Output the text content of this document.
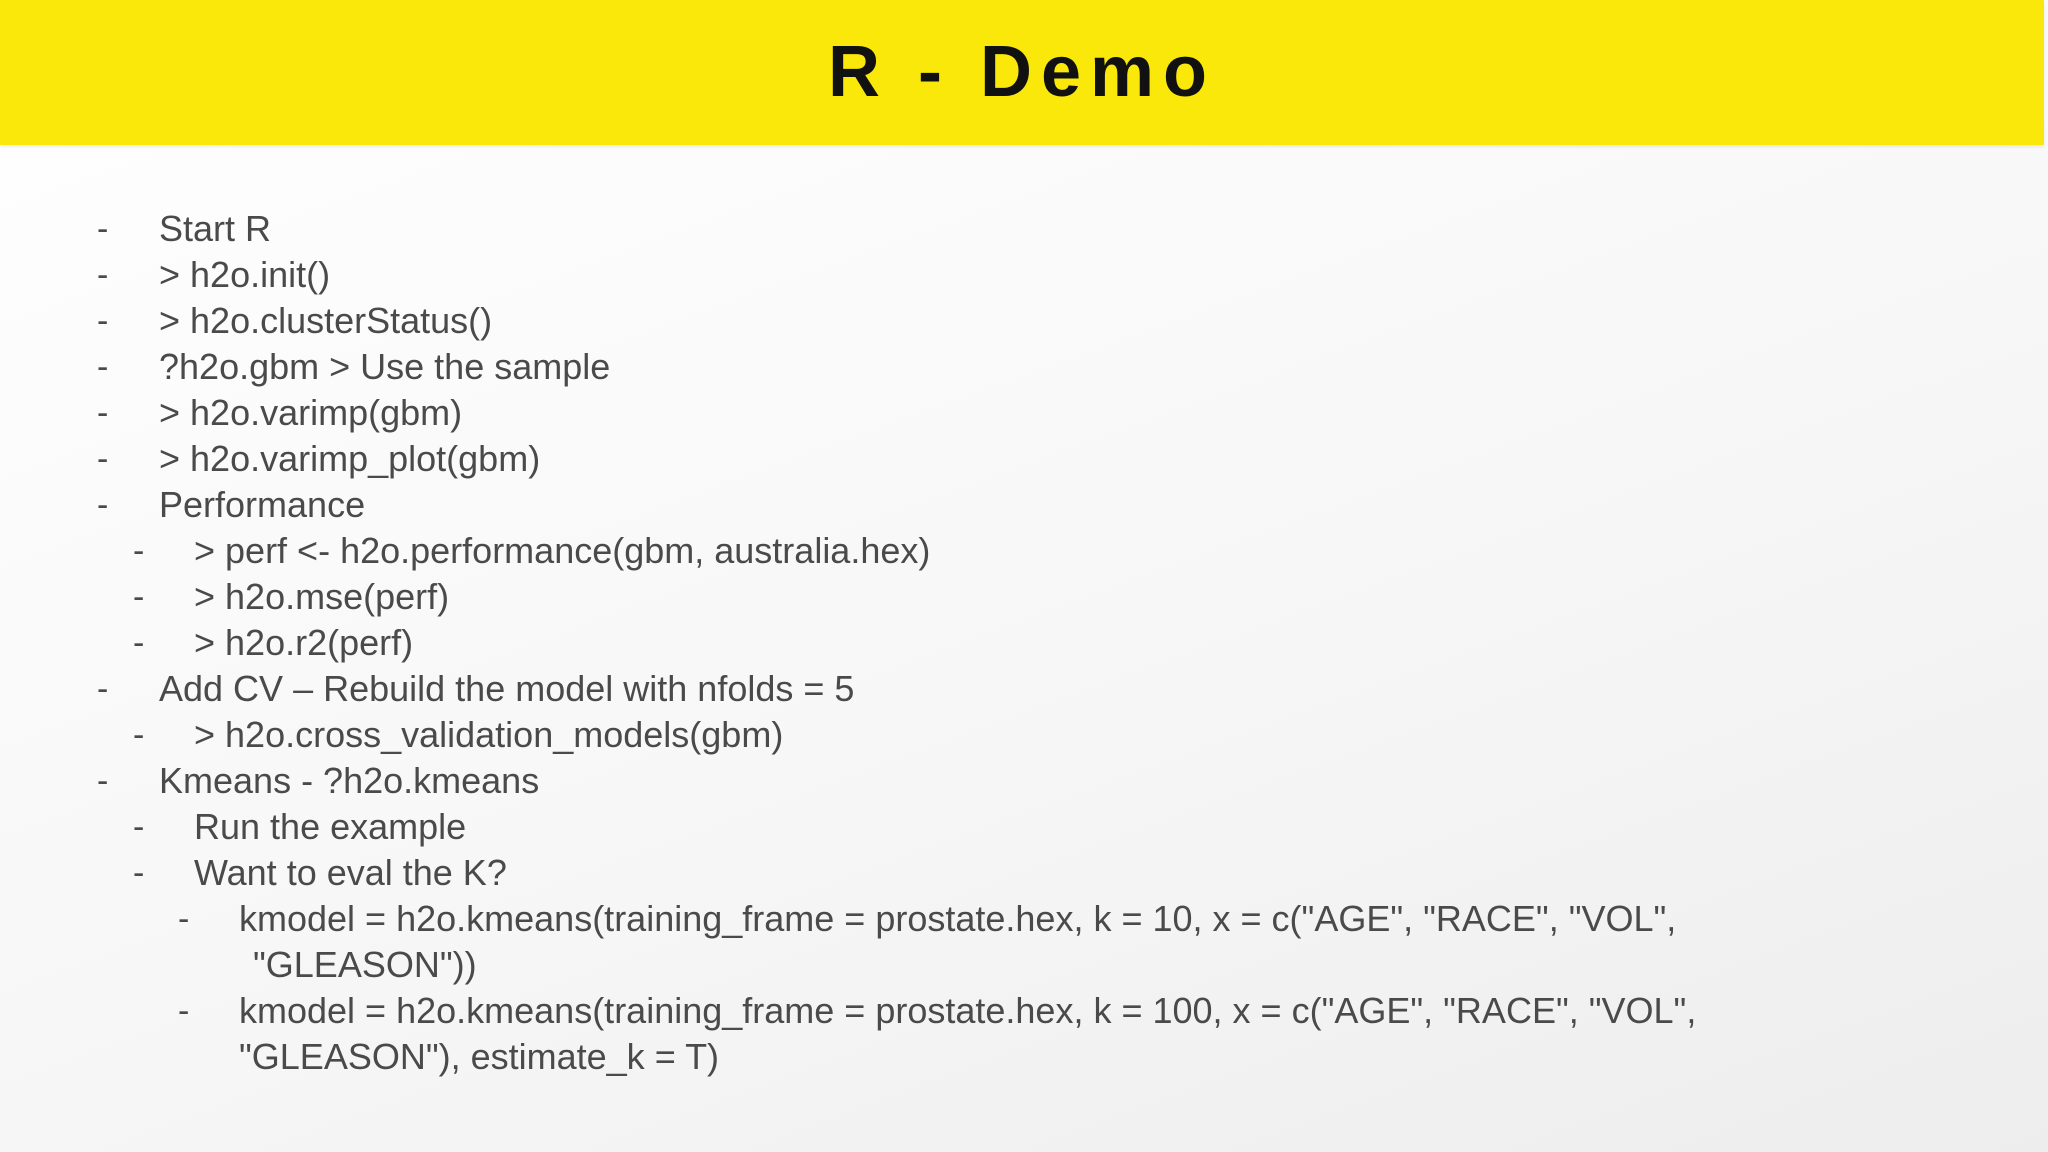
R - Demo
- Start R
- > h2o.init()
- > h2o.clusterStatus()
- ?h2o.gbm > Use the sample
- > h2o.varimp(gbm)
- > h2o.varimp_plot(gbm)
- Performance
- > perf <- h2o.performance(gbm, australia.hex)
- > h2o.mse(perf)
- > h2o.r2(perf)
- Add CV – Rebuild the model with nfolds = 5
- > h2o.cross_validation_models(gbm)
- Kmeans - ?h2o.kmeans
- Run the example
- Want to eval the K?
- kmodel = h2o.kmeans(training_frame = prostate.hex, k = 10, x = c("AGE", "RACE", "VOL",
"GLEASON"))
- kmodel = h2o.kmeans(training_frame = prostate.hex, k = 100, x = c("AGE", "RACE", "VOL",
"GLEASON"), estimate_k = T)
